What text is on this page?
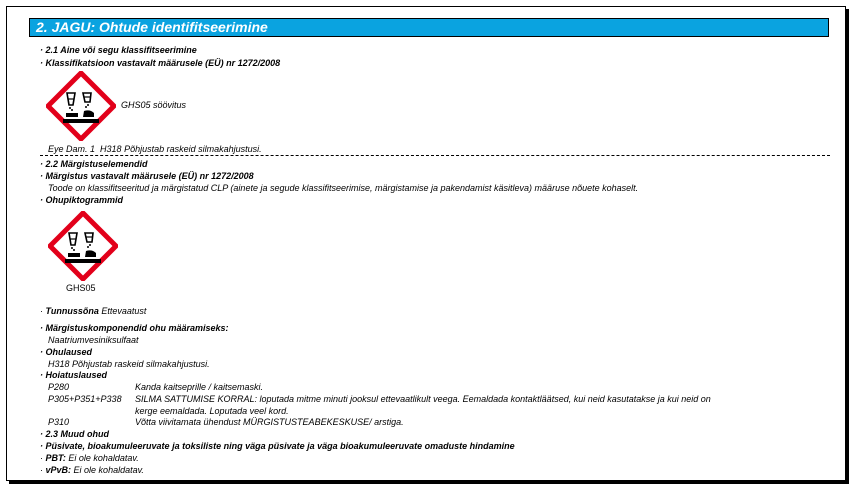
2. JAGU: Ohtude identifitseerimine
· 2.1 Aine või segu klassifitseerimine
· Klassifikatsioon vastavalt määrusele (EÜ) nr 1272/2008
GHS05 söövitus
Eye Dam. 1 H318 Põhjustab raskeid silmakahjustusi.
· 2.2 Märgistuselemendid
· Märgistus vastavalt määrusele (EÜ) nr 1272/2008
Toode on klassifitseeritud ja märgistatud CLP (ainete ja segude klassifitseerimise, märgistamise ja pakendamist käsitleva) määruse nõuete kohaselt.
· Ohupiktogrammid
GHS05
· Tunnussõna Ettevaatust
· Märgistuskomponendid ohu määramiseks:
Naatriumvesiniksulfaat
· Ohulaused
H318 Põhjustab raskeid silmakahjustusi.
· Hoiatuslaused
P280	Kanda kaitseprille / kaitsemaski.
P305+P351+P338 SILMA SATTUMISE KORRAL: loputada mitme minuti jooksul ettevaatlikult veega. Eemaldada kontaktläätsed, kui neid kasutatakse ja kui neid on
kerge eemaldada. Loputada veel kord.
P310	Võtta viivitamata ühendust MÜRGISTUSTEABEKESKUSE/ arstiga.
· 2.3 Muud ohud
· Püsivate, bioakumuleeruvate ja toksiliste ning väga püsivate ja väga bioakumuleeruvate omaduste hindamine
· PBT: Ei ole kohaldatav.
· vPvB: Ei ole kohaldatav.
